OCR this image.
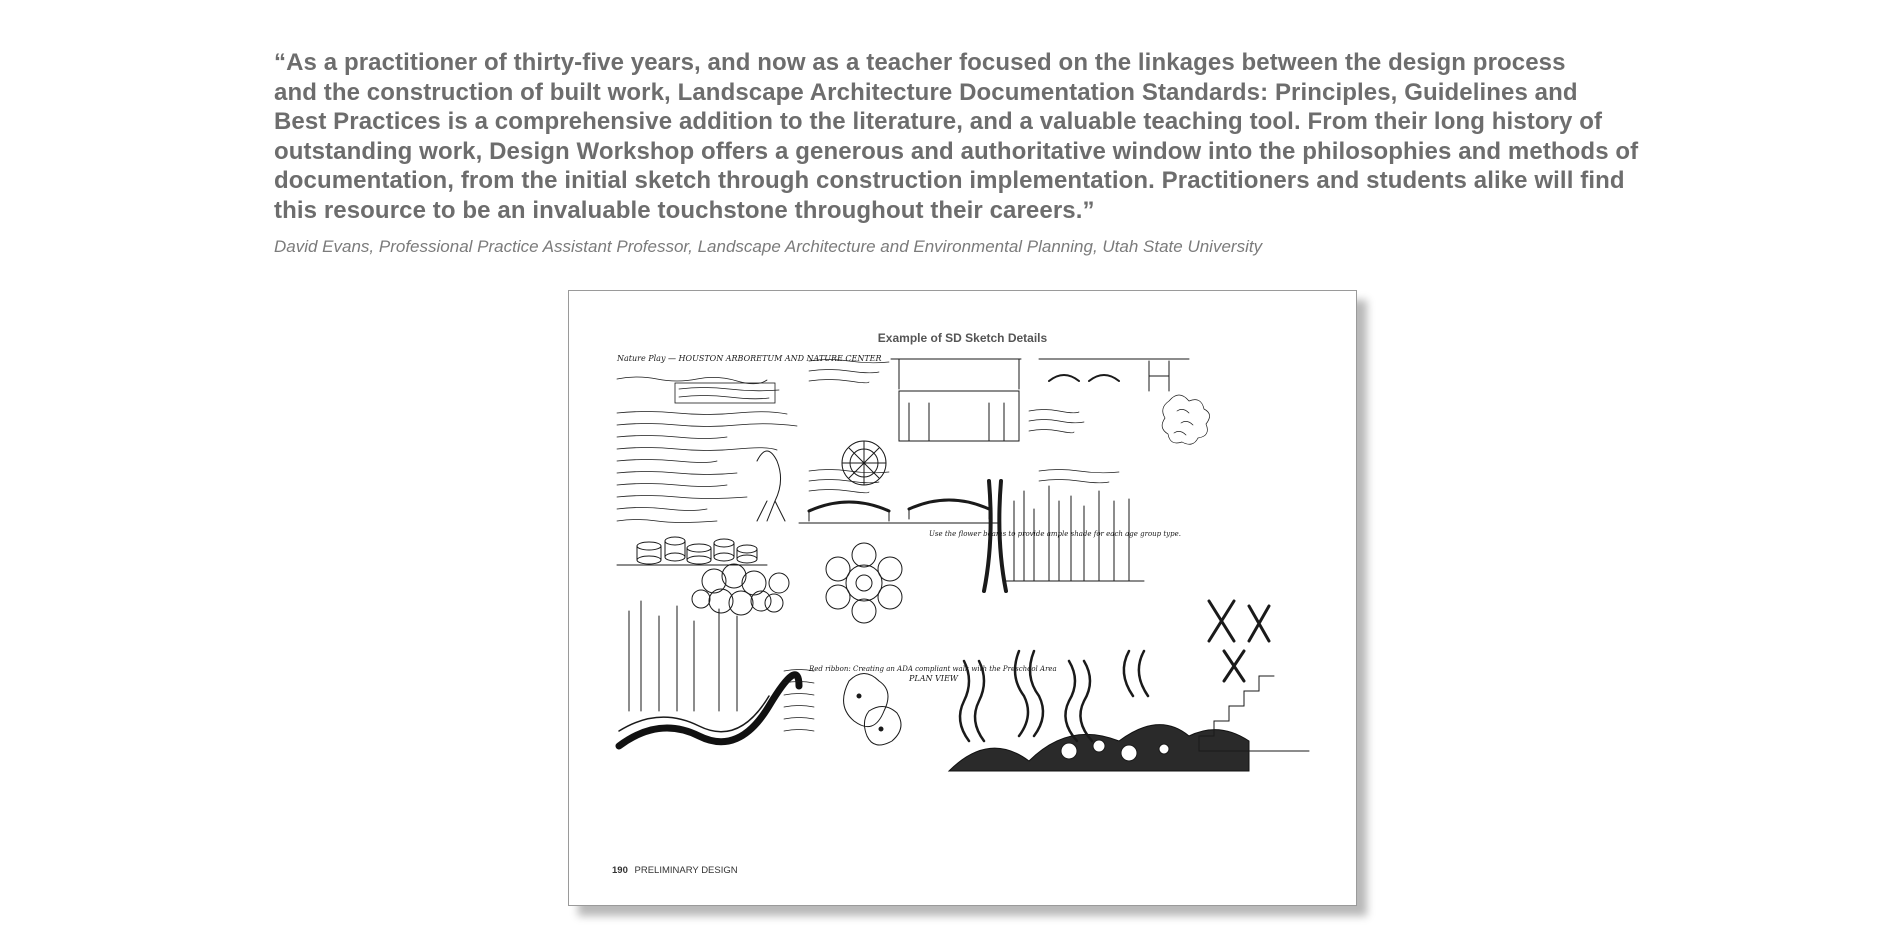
“As a practitioner of thirty-five years, and now as a teacher focused on the linkages between the design process
and the construction of built work, Landscape Architecture Documentation Standards: Principles, Guidelines and
Best Practices is a comprehensive addition to the literature, and a valuable teaching tool. From their long history of
outstanding work, Design Workshop offers a generous and authoritative window into the philosophies and methods of
documentation, from the initial sketch through construction implementation. Practitioners and students alike will find
this resource to be an invaluable touchstone throughout their careers.”

David Evans, Professional Practice Assistant Professor, Landscape Architecture and Environmental Planning, Utah State University
Example of SD Sketch Details
Nature Play — HOUSTON ARBORETUM AND NATURE CENTER
PLAN VIEW
Red ribbon: Creating an ADA compliant walk with the Preschool Area
Use the flower beams to provide ample shade for each age group type.
190 PRELIMINARY DESIGN
